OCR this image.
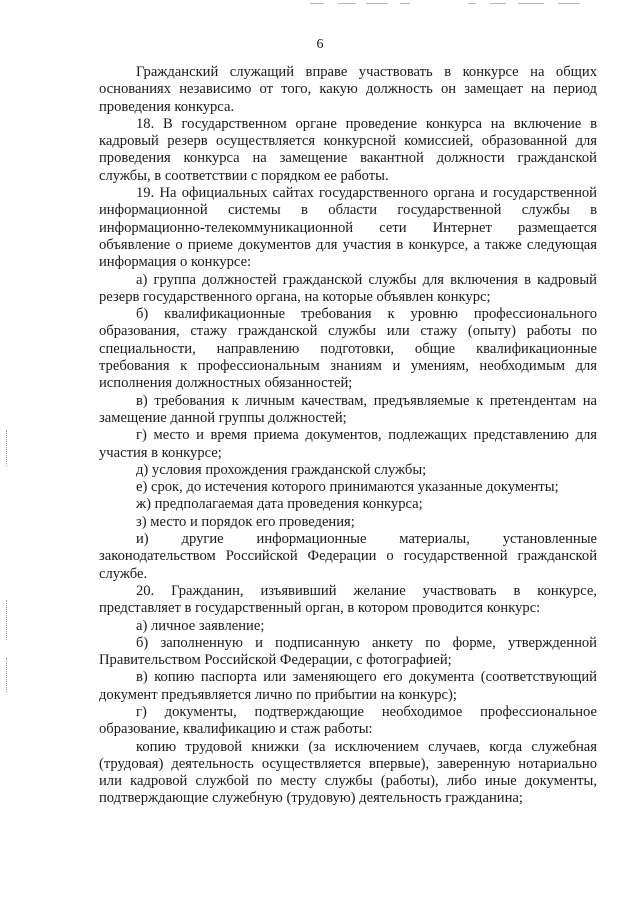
6

Гражданский служащий вправе участвовать в конкурсе на общих основаниях независимо от того, какую должность он замещает на период проведения конкурса.

18. В государственном органе проведение конкурса на включение в кадровый резерв осуществляется конкурсной комиссией, образованной для проведения конкурса на замещение вакантной должности гражданской службы, в соответствии с порядком ее работы.

19. На официальных сайтах государственного органа и государственной информационной системы в области государственной службы в информационно-телекоммуникационной сети Интернет размещается объявление о приеме документов для участия в конкурсе, а также следующая информация о конкурсе:

а) группа должностей гражданской службы для включения в кадровый резерв государственного органа, на которые объявлен конкурс;

б) квалификационные требования к уровню профессионального образования, стажу гражданской службы или стажу (опыту) работы по специальности, направлению подготовки, общие квалификационные требования к профессиональным знаниям и умениям, необходимым для исполнения должностных обязанностей;

в) требования к личным качествам, предъявляемые к претендентам на замещение данной группы должностей;

г) место и время приема документов, подлежащих представлению для участия в конкурсе;

д) условия прохождения гражданской службы;

е) срок, до истечения которого принимаются указанные документы;

ж) предполагаемая дата проведения конкурса;

з) место и порядок его проведения;

и) другие информационные материалы, установленные законодательством Российской Федерации о государственной гражданской службе.

20. Гражданин, изъявивший желание участвовать в конкурсе, представляет в государственный орган, в котором проводится конкурс:

а) личное заявление;

б) заполненную и подписанную анкету по форме, утвержденной Правительством Российской Федерации, с фотографией;

в) копию паспорта или заменяющего его документа (соответствующий документ предъявляется лично по прибытии на конкурс);

г) документы, подтверждающие необходимое профессиональное образование, квалификацию и стаж работы:

копию трудовой книжки (за исключением случаев, когда служебная (трудовая) деятельность осуществляется впервые), заверенную нотариально или кадровой службой по месту службы (работы), либо иные документы, подтверждающие служебную (трудовую) деятельность гражданина;
